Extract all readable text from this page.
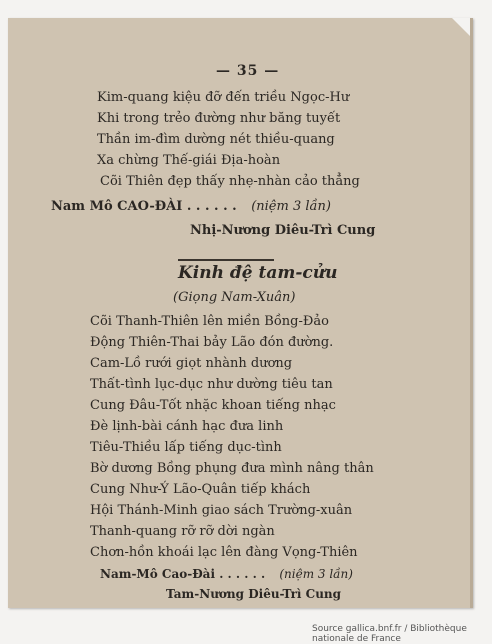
— 35 —
Kim-quang kiệu đỡ đến triều Ngọc-Hư
Khi trong trẻo đường như băng tuyết
Thần im-đìm dường nét thiều-quang
Xa chừng Thế-giái Địa-hoàn
Cõi Thiên đẹp thấy nhẹ-nhàn cảo thẳng
Nam Mô CAO-ĐÀI . . . . . . (niệm 3 lần)
Nhị-Nương Diêu-Trì Cung
Kinh đệ tam-cửu
(Giọng Nam-Xuân)
Cõi Thanh-Thiên lên miền Bồng-Đảo
Động Thiên-Thai bảy Lão đón đường.
Cam-Lồ rưới giọt nhành dương
Thất-tình lục-dục như dường tiêu tan
Cung Đâu-Tốt nhặc khoan tiếng nhạc
Đè lịnh-bài cánh hạc đưa linh
Tiêu-Thiều lấp tiếng dục-tình
Bờ dương Bồng phụng đưa mình nâng thân
Cung Như-Ý Lão-Quân tiếp khách
Hội Thánh-Minh giao sách Trường-xuân
Thanh-quang rỡ rỡ dời ngàn
Chơn-hồn khoái lạc lên đàng Vọng-Thiên
Nam-Mô Cao-Đài . . . . . . (niệm 3 lần)
Tam-Nương Diêu-Trì Cung
Source gallica.bnf.fr / Bibliothèque nationale de France
